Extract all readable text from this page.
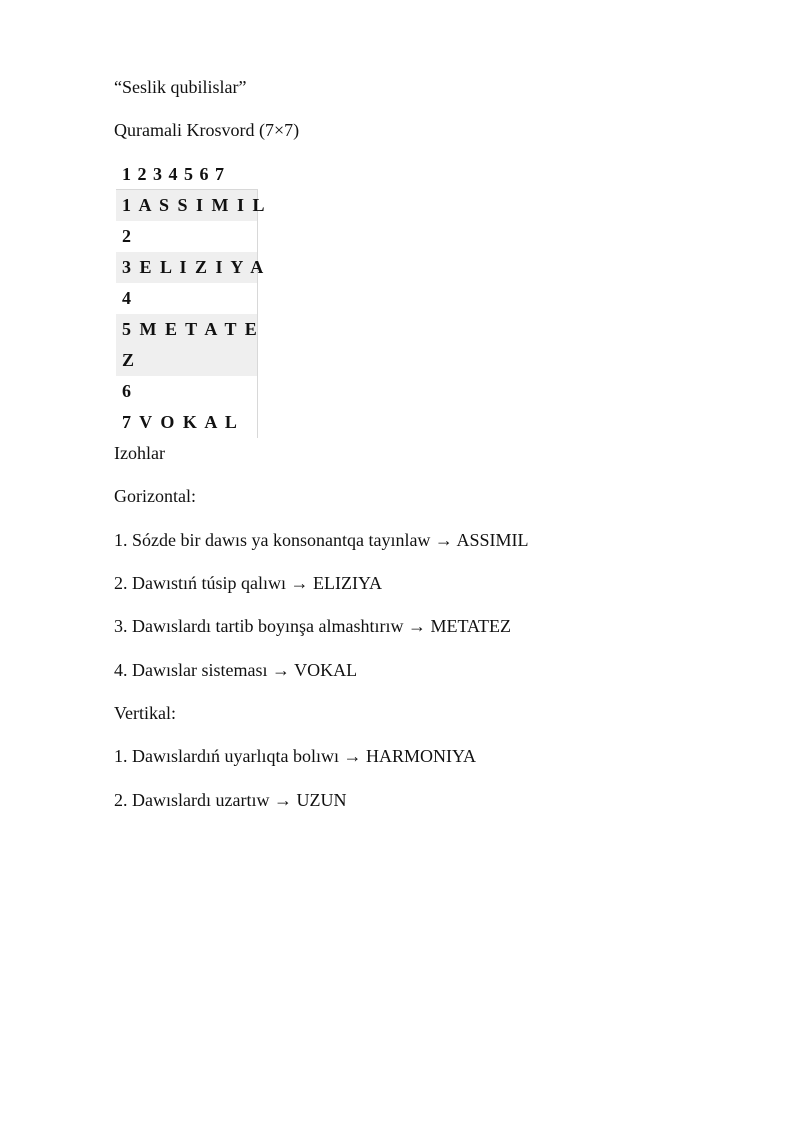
“Seslik qubilislar”
Quramali Krosvord (7×7)
1 2 3 4 5 6 7
1 A S S I M I L
2
3 E L I Z I Y A
4
5 M E T A T E
Z
6
7 V O K A L
Izohlar
Gorizontal:
1. Sózde bir dawıs ya konsonantqa tayınlaw → ASSIMIL
2. Dawıstıń túsip qalıwı → ELIZIYA
3. Dawıslardı tartib boyınşa almashtırıw → METATEZ
4. Dawıslar sisteması → VOKAL
Vertikal:
1. Dawıslardıń uyarlıqta bolıwı → HARMONIYA
2. Dawıslardı uzartıw → UZUN
